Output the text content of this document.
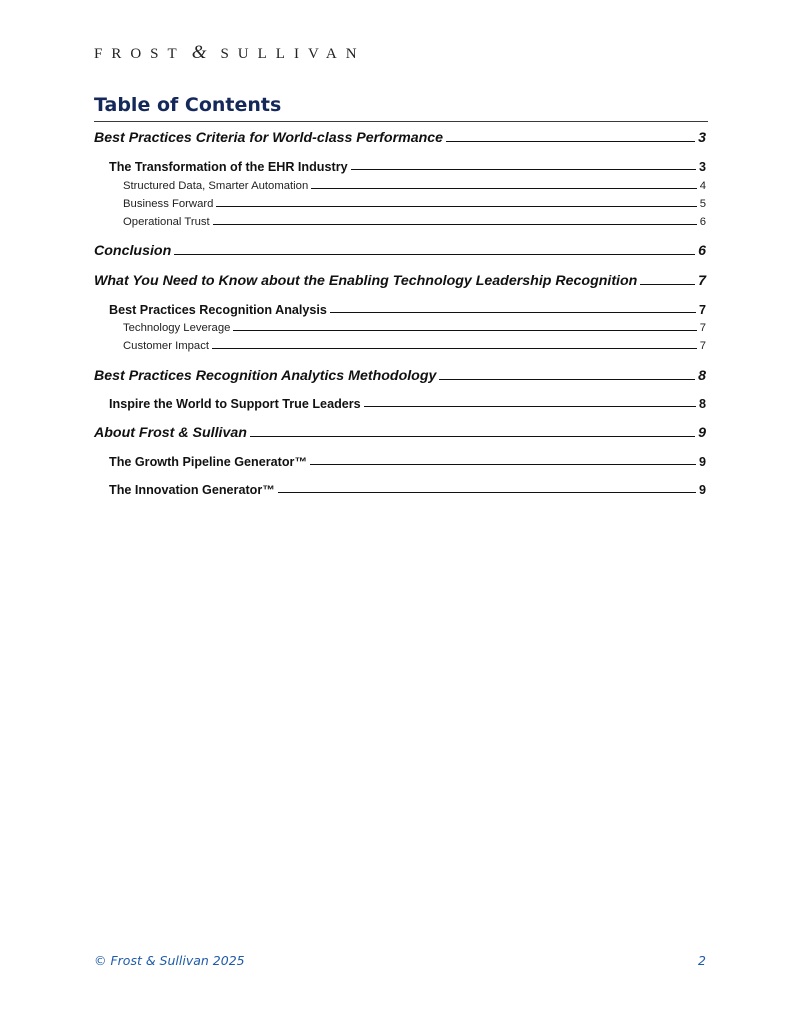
FROST & SULLIVAN
Table of Contents
Best Practices Criteria for World-class Performance	3
The Transformation of the EHR Industry	3
Structured Data, Smarter Automation	4
Business Forward	5
Operational Trust	6
Conclusion	6
What You Need to Know about the Enabling Technology Leadership Recognition	7
Best Practices Recognition Analysis	7
Technology Leverage	7
Customer Impact	7
Best Practices Recognition Analytics Methodology	8
Inspire the World to Support True Leaders	8
About Frost & Sullivan	9
The Growth Pipeline Generator™	9
The Innovation Generator™	9
© Frost & Sullivan 2025	2
